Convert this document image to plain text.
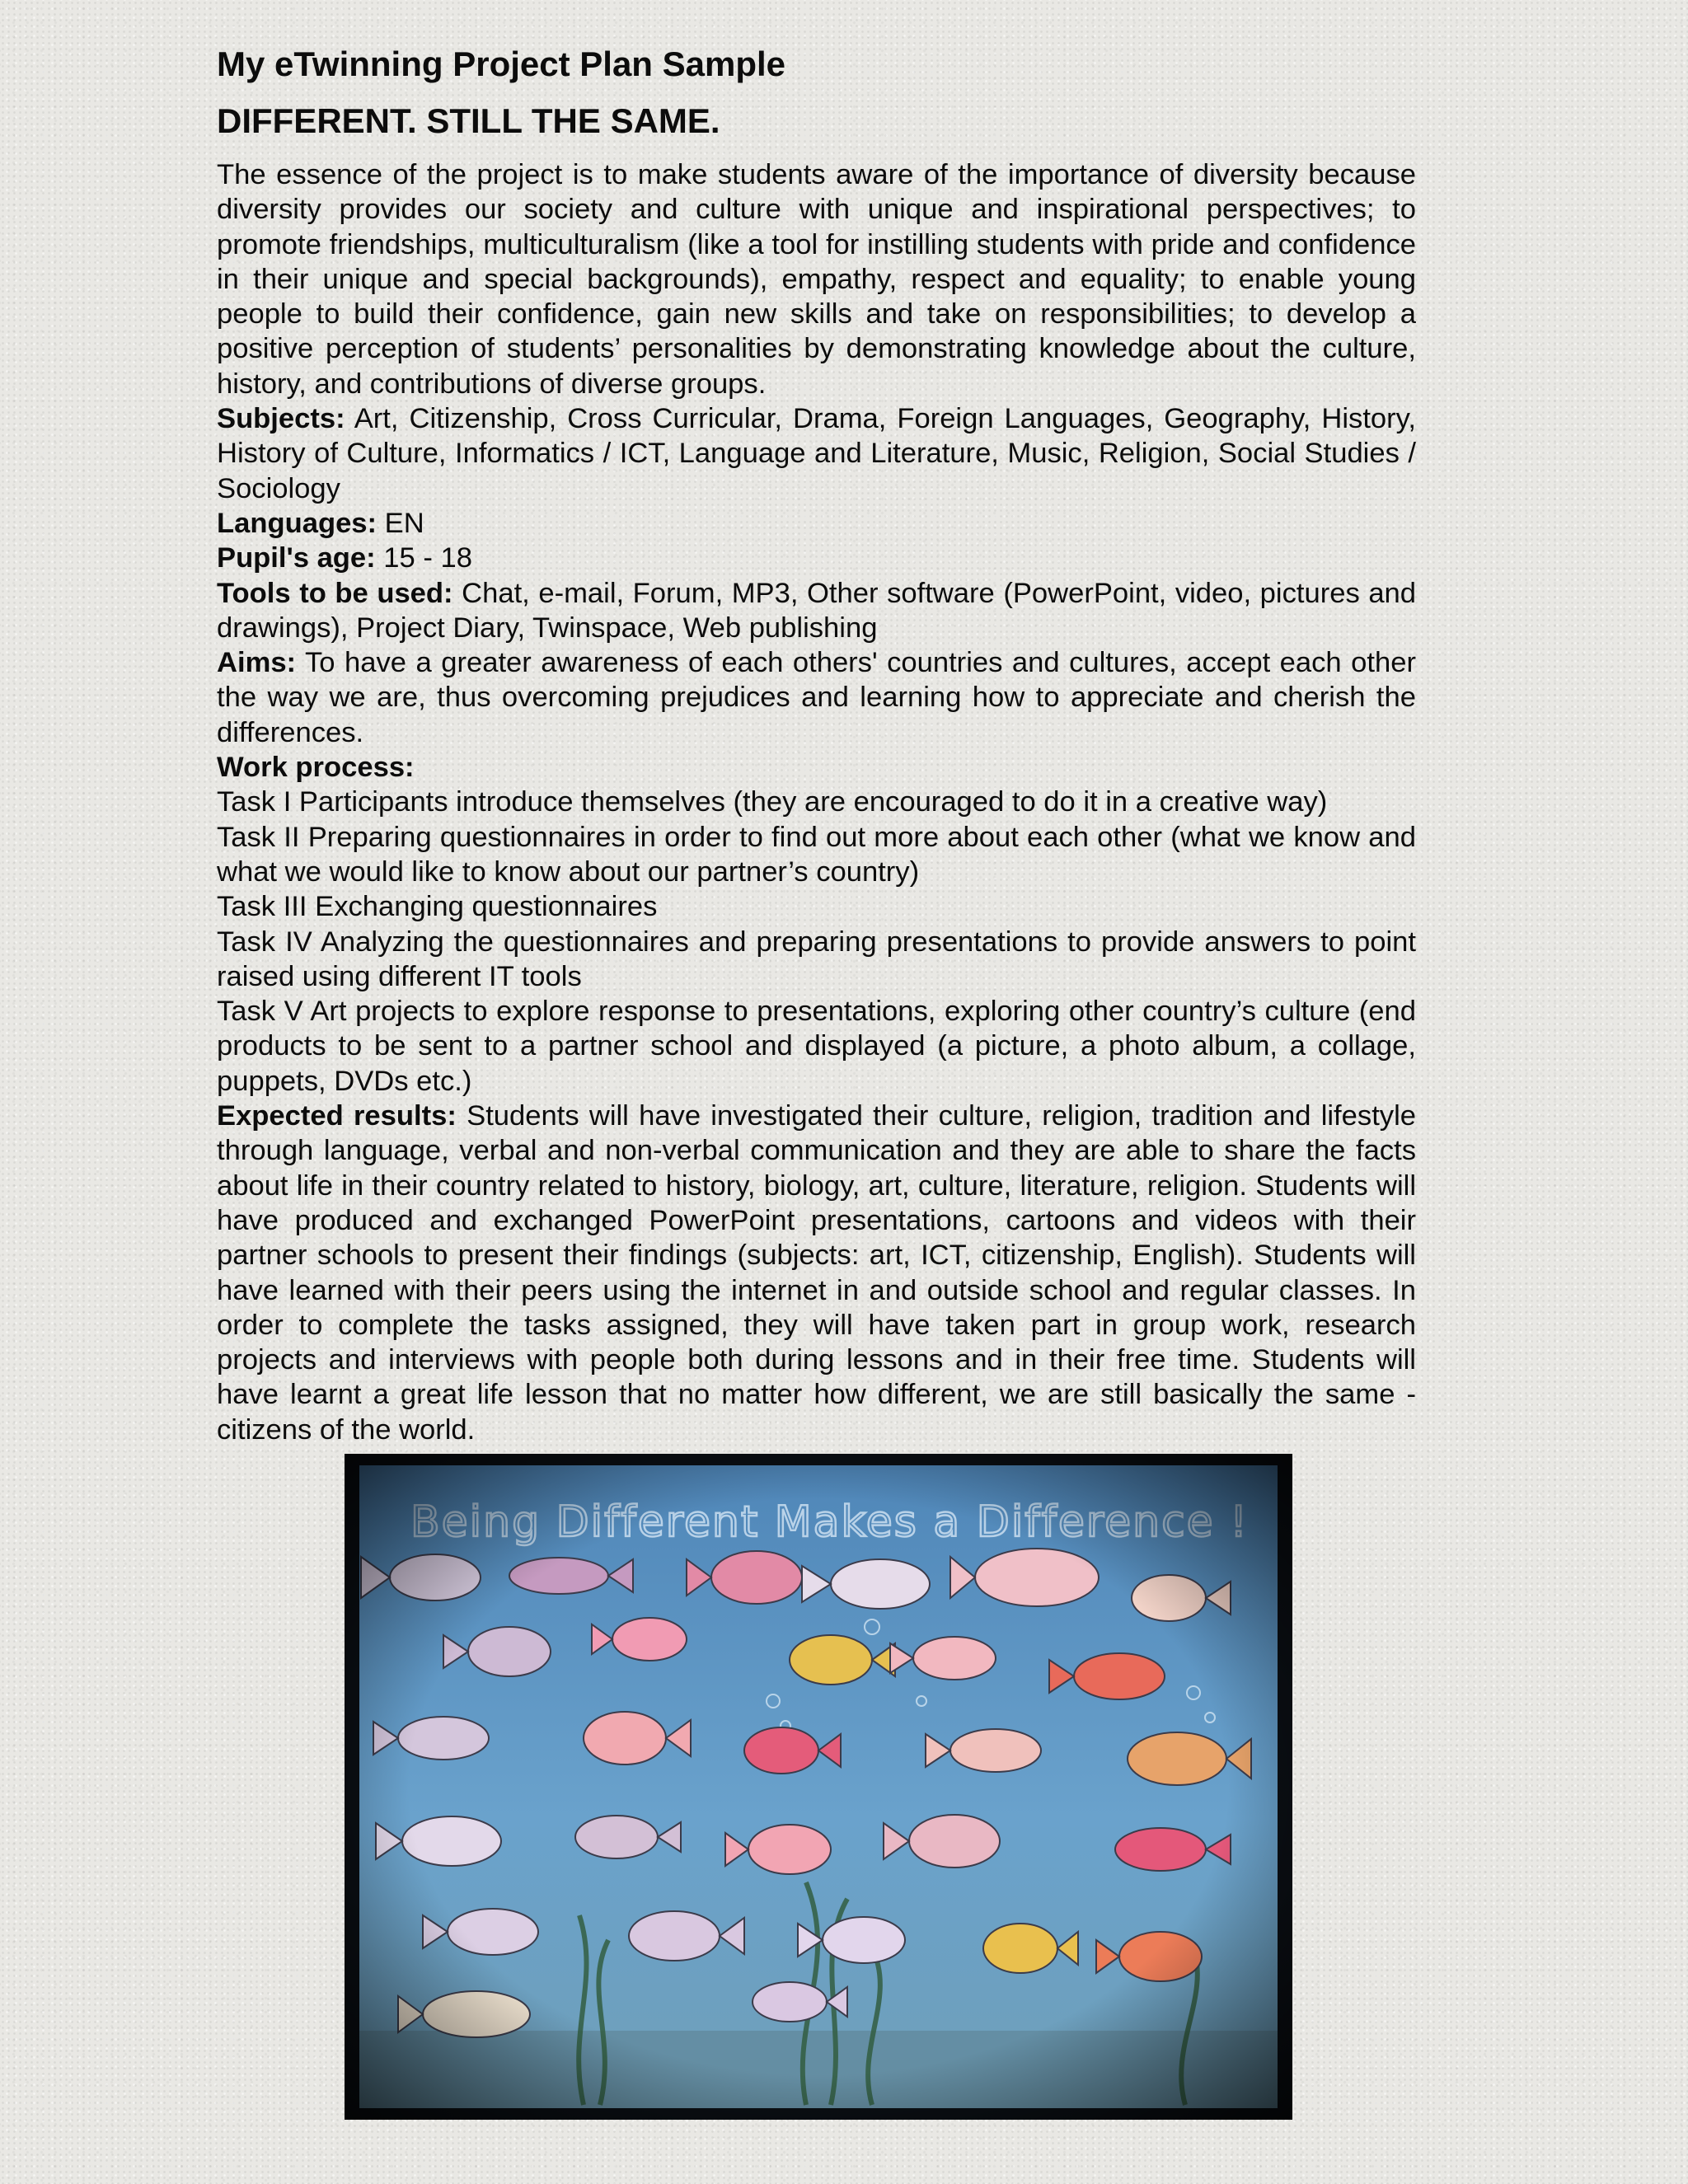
My eTwinning Project Plan Sample
DIFFERENT. STILL THE SAME.

The essence of the project is to make students aware of the importance of diversity because diversity provides our society and culture with unique and inspirational perspectives; to promote friendships, multiculturalism (like a tool for instilling students with pride and confidence in their unique and special backgrounds), empathy, respect and equality; to enable young people to build their confidence, gain new skills and take on responsibilities; to develop a positive perception of students’ personalities by demonstrating knowledge about the culture, history, and contributions of diverse groups.

Subjects: Art, Citizenship, Cross Curricular, Drama, Foreign Languages, Geography, History, History of Culture, Informatics / ICT, Language and Literature, Music, Religion, Social Studies / Sociology

Languages: EN

Pupil's age: 15 - 18

Tools to be used: Chat, e-mail, Forum, MP3, Other software (PowerPoint, video, pictures and drawings), Project Diary, Twinspace, Web publishing

Aims: To have a greater awareness of each others' countries and cultures, accept each other the way we are, thus overcoming prejudices and learning how to appreciate and cherish the differences.

Work process:

Task I Participants introduce themselves (they are encouraged to do it in a creative way)

Task II Preparing questionnaires in order to find out more about each other (what we know and what we would like to know about our partner’s country)

Task III Exchanging questionnaires

Task IV Analyzing the questionnaires and preparing presentations to provide answers to point raised using different IT tools

Task V Art projects to explore response to presentations, exploring other country’s culture (end products to be sent to a partner school and displayed (a picture, a photo album, a collage, puppets, DVDs etc.)

Expected results: Students will have investigated their culture, religion, tradition and lifestyle through language, verbal and non-verbal communication and they are able to share the facts about life in their country related to history, biology, art, culture, literature, religion. Students will have produced and exchanged PowerPoint presentations, cartoons and videos with their partner schools to present their findings (subjects: art, ICT, citizenship, English). Students will have learned with their peers using the internet in and outside school and regular classes. In order to complete the tasks assigned, they will have taken part in group work, research projects and interviews with people both during lessons and in their free time. Students will have learnt a great life lesson that no matter how different, we are still basically the same - citizens of the world.
